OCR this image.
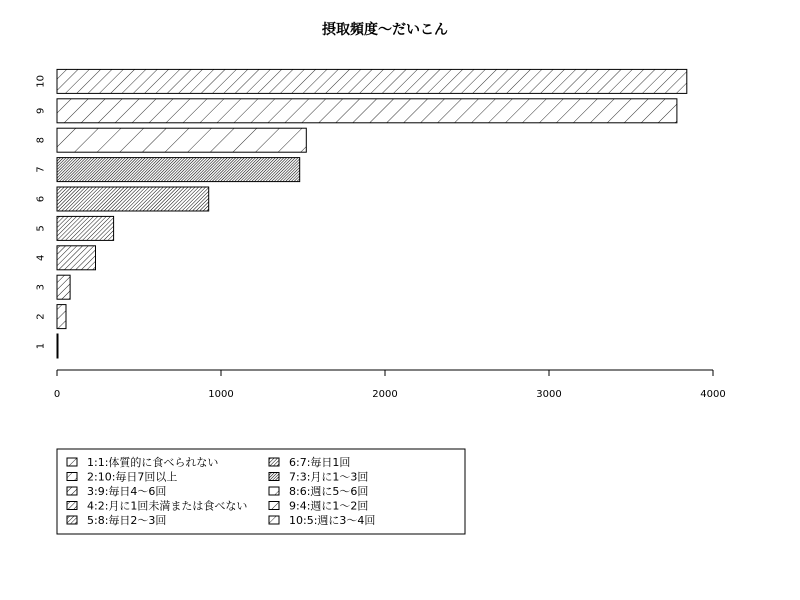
摂取頻度〜だいこん
1
2
3
4
5
6
7
8
9
10
0	1000	2000	3000	4000
1:1:体質的に食べられない
2:10:毎日7回以上
3:9:毎日4〜6回
4:2:月に1回未満または食べない
5:8:毎日2〜3回
6:7:毎日1回
7:3:月に1〜3回
8:6:週に5〜6回
9:4:週に1〜2回
10:5:週に3〜4回
